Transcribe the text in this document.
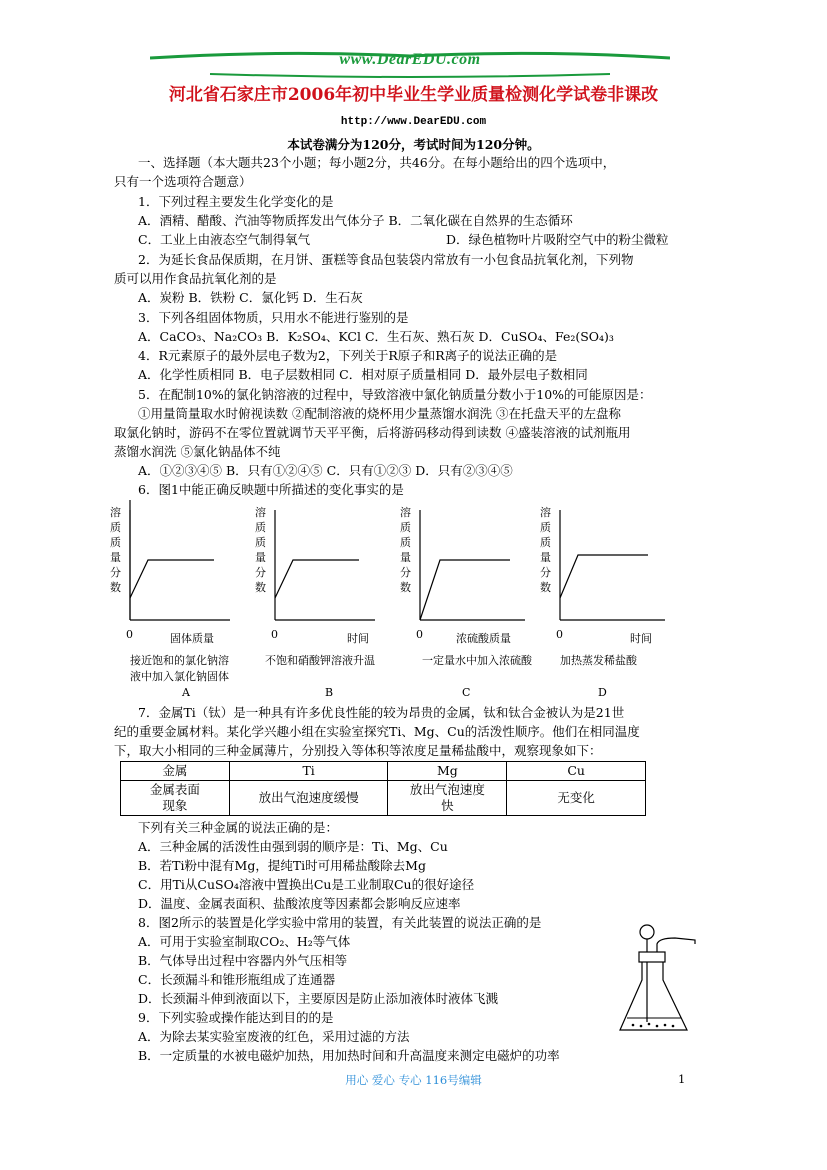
www.DearEDU.com
河北省石家庄市2006年初中毕业生学业质量检测化学试卷非课改
http://www.DearEDU.com
本试卷满分为120分，考试时间为120分钟。
一、选择题（本大题共23个小题；每小题2分，共46分。在每小题给出的四个选项中，
只有一个选项符合题意）
1．下列过程主要发生化学变化的是
A．酒精、醋酸、汽油等物质挥发出气体分子 B．二氧化碳在自然界的生态循环
C．工业上由液态空气制得氧气	D．绿色植物叶片吸附空气中的粉尘微粒
2．为延长食品保质期，在月饼、蛋糕等食品包装袋内常放有一小包食品抗氧化剂，下列物
质可以用作食品抗氧化剂的是
A．炭粉 B．铁粉 C．氯化钙 D．生石灰
3．下列各组固体物质，只用水不能进行鉴别的是
A．CaCO₃、Na₂CO₃ B．K₂SO₄、KCl C．生石灰、熟石灰 D．CuSO₄、Fe₂(SO₄)₃
4．R元素原子的最外层电子数为2，下列关于R原子和R离子的说法正确的是
A．化学性质相同 B．电子层数相同 C．相对原子质量相同 D．最外层电子数相同
5．在配制10%的氯化钠溶液的过程中，导致溶液中氯化钠质量分数小于10%的可能原因是：
①用量筒量取水时俯视读数 ②配制溶液的烧杯用少量蒸馏水润洗 ③在托盘天平的左盘称
取氯化钠时，游码不在零位置就调节天平平衡，后将游码移动得到读数 ④盛装溶液的试剂瓶用
蒸馏水润洗 ⑤氯化钠晶体不纯
A．①②③④⑤ B．只有①②④⑤ C．只有①②③ D．只有②③④⑤
6．图1中能正确反映题中所描述的变化事实的是
0	固体质量
接近饱和的氯化钠溶
液中加入氯化钠固体
A
溶
质
质
量
分
数
0	时间
不饱和硝酸钾溶液升温
B
溶
质
质
量
分
数
0	浓硫酸质量
一定量水中加入浓硫酸
C
溶
质
质
量
分
数
0	时间
加热蒸发稀盐酸
D
溶
质
质
量
分
数
7．金属Ti（钛）是一种具有许多优良性能的较为昂贵的金属，钛和钛合金被认为是21世
纪的重要金属材料。某化学兴趣小组在实验室探究Ti、Mg、Cu的活泼性顺序。他们在相同温度
下，取大小相同的三种金属薄片，分别投入等体积等浓度足量稀盐酸中，观察现象如下：
金属	Ti	Mg	Cu

金属表面
现象	放出气泡速度缓慢	放出气泡速度快	无变化
下列有关三种金属的说法正确的是：
A．三种金属的活泼性由强到弱的顺序是：Ti、Mg、Cu
B．若Ti粉中混有Mg，提纯Ti时可用稀盐酸除去Mg
C．用Ti从CuSO₄溶液中置换出Cu是工业制取Cu的很好途径
D．温度、金属表面积、盐酸浓度等因素都会影响反应速率
8．图2所示的装置是化学实验中常用的装置，有关此装置的说法正确的是
A．可用于实验室制取CO₂、H₂等气体
B．气体导出过程中容器内外气压相等
C．长颈漏斗和锥形瓶组成了连通器
D．长颈漏斗伸到液面以下，主要原因是防止添加液体时液体飞溅
9．下列实验或操作能达到目的的是
A．为除去某实验室废液的红色，采用过滤的方法
B．一定质量的水被电磁炉加热，用加热时间和升高温度来测定电磁炉的功率
用心 爱心 专心 116号编辑	1
